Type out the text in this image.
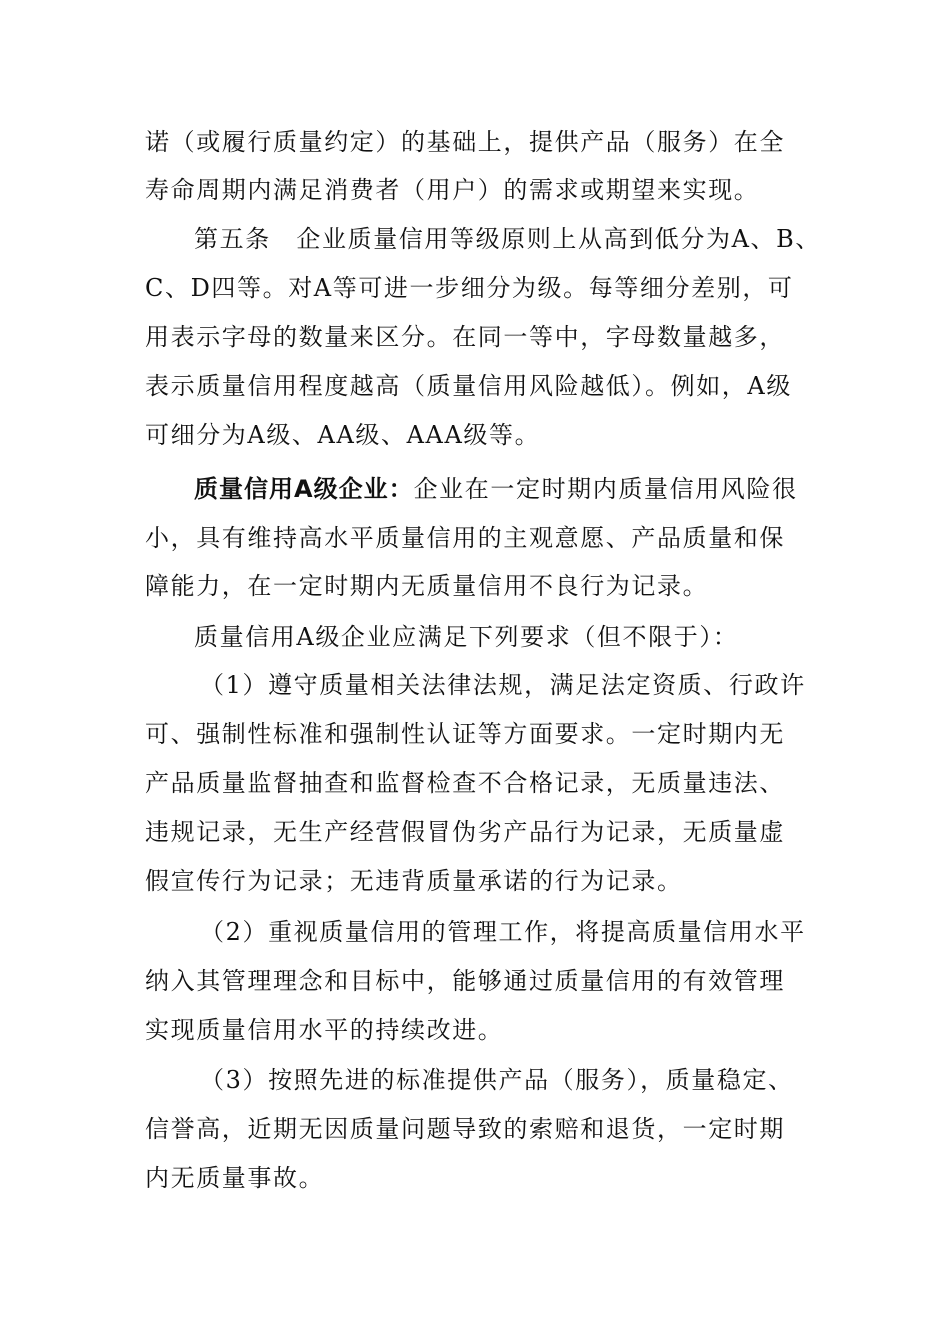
诺（或履行质量约定）的基础上，提供产品（服务）在全
寿命周期内满足消费者（用户）的需求或期望来实现。
第五条　企业质量信用等级原则上从高到低分为A、B、
C、D四等。对A等可进一步细分为级。每等细分差别，可
用表示字母的数量来区分。在同一等中，字母数量越多，
表示质量信用程度越高（质量信用风险越低）。例如，A级
可细分为A级、AA级、AAA级等。
质量信用A级企业：企业在一定时期内质量信用风险很
小，具有维持高水平质量信用的主观意愿、产品质量和保
障能力，在一定时期内无质量信用不良行为记录。
质量信用A级企业应满足下列要求（但不限于）：
（1）遵守质量相关法律法规，满足法定资质、行政许
可、强制性标准和强制性认证等方面要求。一定时期内无
产品质量监督抽查和监督检查不合格记录，无质量违法、
违规记录，无生产经营假冒伪劣产品行为记录，无质量虚
假宣传行为记录；无违背质量承诺的行为记录。
（2）重视质量信用的管理工作，将提高质量信用水平
纳入其管理理念和目标中，能够通过质量信用的有效管理
实现质量信用水平的持续改进。
（3）按照先进的标准提供产品（服务），质量稳定、
信誉高，近期无因质量问题导致的索赔和退货，一定时期
内无质量事故。
